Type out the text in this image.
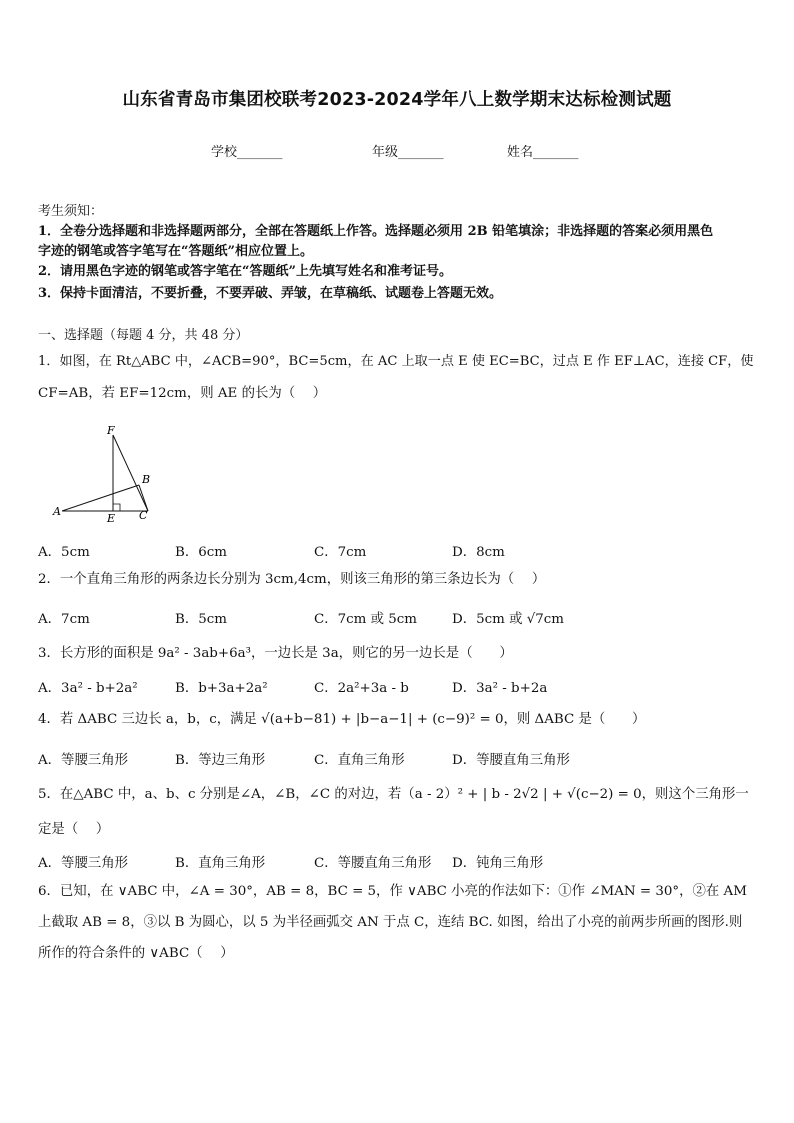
山东省青岛市集团校联考2023-2024学年八上数学期末达标检测试题
学校_______	年级_______	姓名_______
考生须知：
1．全卷分选择题和非选择题两部分，全部在答题纸上作答。选择题必须用 2B 铅笔填涂；非选择题的答案必须用黑色
字迹的钢笔或答字笔写在“答题纸”相应位置上。
2．请用黑色字迹的钢笔或答字笔在“答题纸”上先填写姓名和准考证号。
3．保持卡面清洁，不要折叠，不要弄破、弄皱，在草稿纸、试题卷上答题无效。
一、选择题（每题 4 分，共 48 分）
1．如图，在 Rt△ABC 中，∠ACB=90°，BC=5cm，在 AC 上取一点 E 使 EC=BC，过点 E 作 EF⊥AC，连接 CF，使
CF=AB，若 EF=12cm，则 AE 的长为（　 ）
F
B
A
E C
A．5cm	B．6cm	C．7cm	D．8cm
2．一个直角三角形的两条边长分别为 3cm,4cm，则该三角形的第三条边长为（　 ）
A．7cm	B．5cm	C．7cm 或 5cm	D．5cm 或 √7cm
3．长方形的面积是 9a² - 3ab+6a³，一边长是 3a，则它的另一边长是（　　）
A．3a² - b+2a²	B．b+3a+2a²	C．2a²+3a - b	D．3a² - b+2a
4．若 ΔABC 三边长 a，b，c，满足 √(a+b−81) + |b−a−1| + (c−9)² = 0，则 ΔABC 是（　　）
A．等腰三角形	B．等边三角形	C．直角三角形	D．等腰直角三角形
5．在△ABC 中，a、b、c 分别是∠A，∠B，∠C 的对边，若（a - 2）² + | b - 2√2 | + √(c−2) = 0，则这个三角形一
定是（　 ）
A．等腰三角形	B．直角三角形	C．等腰直角三角形 D．钝角三角形
6．已知，在 ∨ABC 中，∠A = 30°，AB = 8，BC = 5，作 ∨ABC 小亮的作法如下：①作 ∠MAN = 30°，②在 AM
上截取 AB = 8，③以 B 为圆心，以 5 为半径画弧交 AN 于点 C，连结 BC. 如图，给出了小亮的前两步所画的图形.则
所作的符合条件的 ∨ABC（　 ）
